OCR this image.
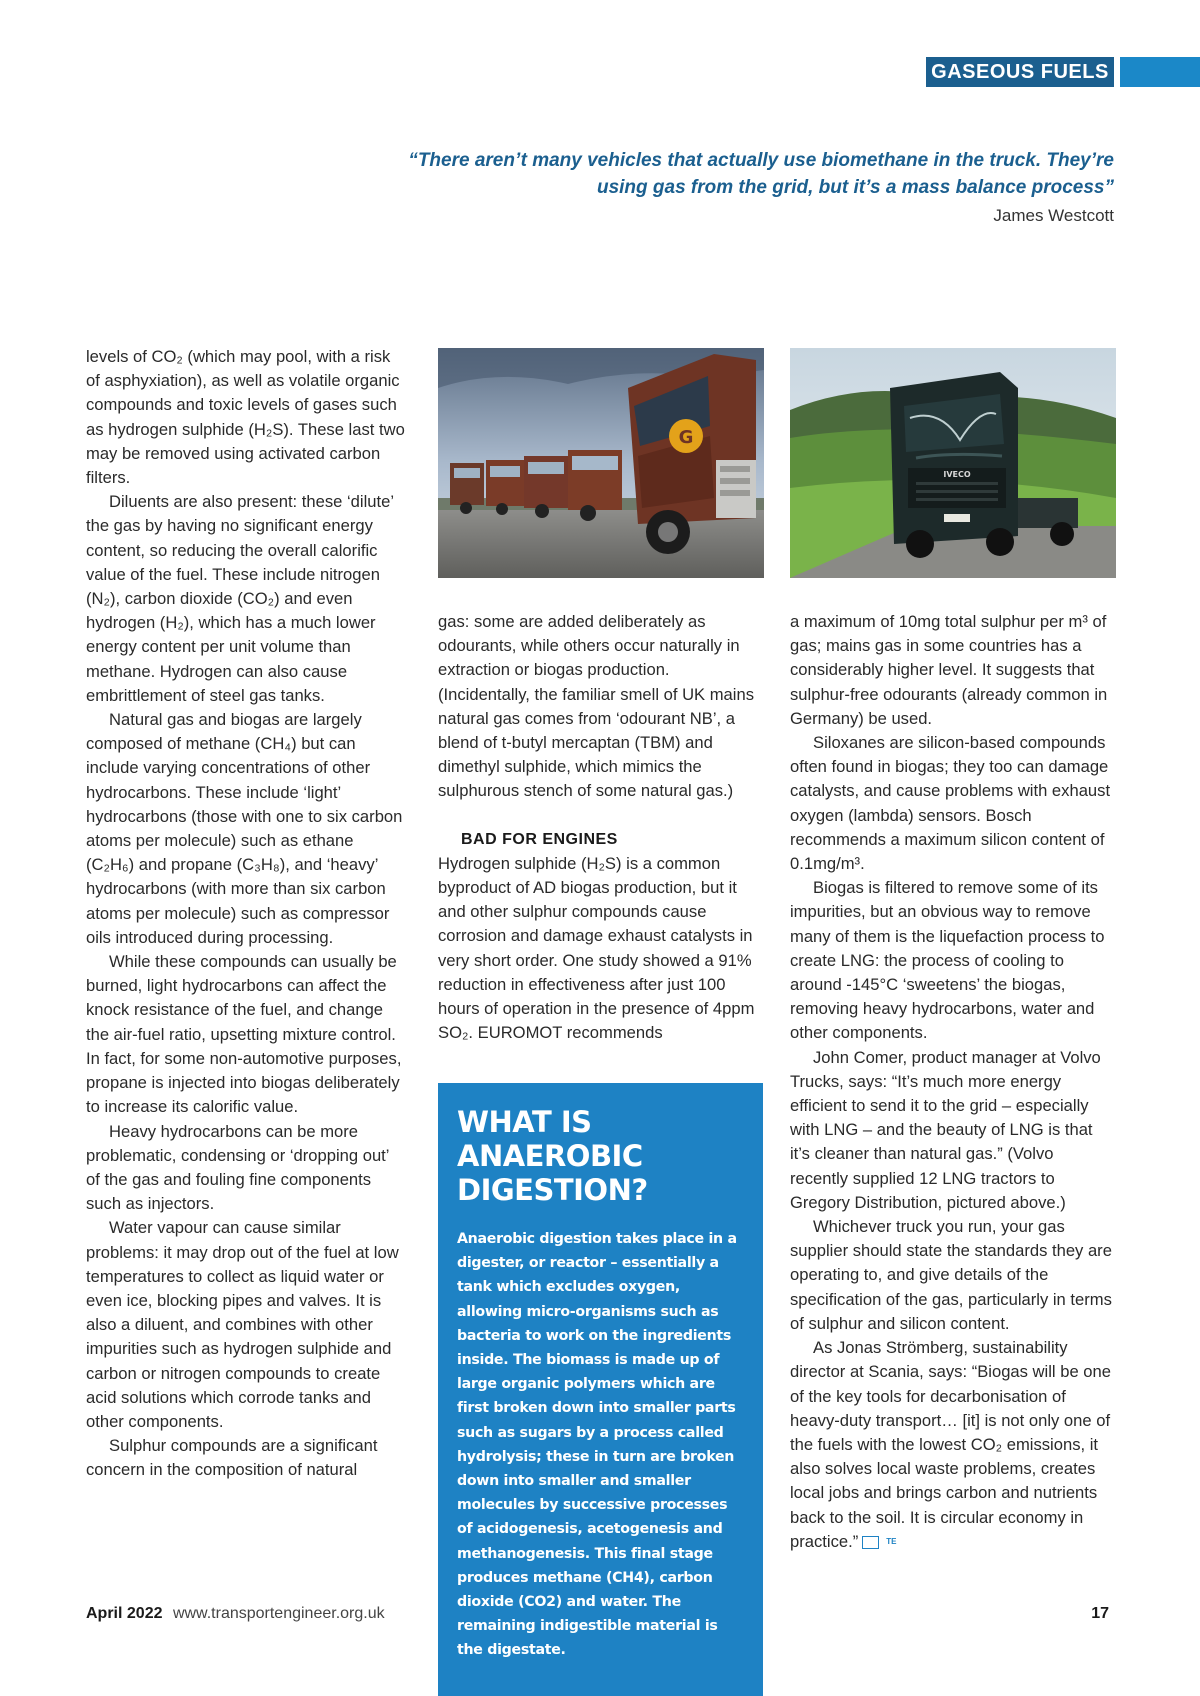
GASEOUS FUELS
“There aren’t many vehicles that actually use biomethane in the truck. They’re using gas from the grid, but it’s a mass balance process”
James Westcott

levels of CO₂ (which may pool, with a risk of asphyxiation), as well as volatile organic compounds and toxic levels of gases such as hydrogen sulphide (H₂S). These last two may be removed using activated carbon filters.

Diluents are also present: these ‘dilute’ the gas by having no significant energy content, so reducing the overall calorific value of the fuel. These include nitrogen (N₂), carbon dioxide (CO₂) and even hydrogen (H₂), which has a much lower energy content per unit volume than methane. Hydrogen can also cause embrittlement of steel gas tanks.

Natural gas and biogas are largely composed of methane (CH₄) but can include varying concentrations of other hydrocarbons. These include ‘light’ hydrocarbons (those with one to six carbon atoms per molecule) such as ethane (C₂H₆) and propane (C₃H₈), and ‘heavy’ hydrocarbons (with more than six carbon atoms per molecule) such as compressor oils introduced during processing.

While these compounds can usually be burned, light hydrocarbons can affect the knock resistance of the fuel, and change the air-fuel ratio, upsetting mixture control. In fact, for some non-automotive purposes, propane is injected into biogas deliberately to increase its calorific value.

Heavy hydrocarbons can be more problematic, condensing or ‘dropping out’ of the gas and fouling fine components such as injectors.

Water vapour can cause similar problems: it may drop out of the fuel at low temperatures to collect as liquid water or even ice, blocking pipes and valves. It is also a diluent, and combines with other impurities such as hydrogen sulphide and carbon or nitrogen compounds to create acid solutions which corrode tanks and other components.

Sulphur compounds are a significant concern in the composition of natural

G
IVECO

gas: some are added deliberately as odourants, while others occur naturally in extraction or biogas production. (Incidentally, the familiar smell of UK mains natural gas comes from ‘odourant NB’, a blend of t-butyl mercaptan (TBM) and dimethyl sulphide, which mimics the sulphurous stench of some natural gas.)

BAD FOR ENGINES

Hydrogen sulphide (H₂S) is a common byproduct of AD biogas production, but it and other sulphur compounds cause corrosion and damage exhaust catalysts in very short order. One study showed a 91% reduction in effectiveness after just 100 hours of operation in the presence of 4ppm SO₂. EUROMOT recommends

WHAT IS ANAEROBIC DIGESTION?
Anaerobic digestion takes place in a digester, or reactor – essentially a tank which excludes oxygen, allowing micro-organisms such as bacteria to work on the ingredients inside. The biomass is made up of large organic polymers which are first broken down into smaller parts such as sugars by a process called hydrolysis; these in turn are broken down into smaller and smaller molecules by successive processes of acidogenesis, acetogenesis and methanogenesis. This final stage produces methane (CH4), carbon dioxide (CO2) and water. The remaining indigestible material is the digestate.

a maximum of 10mg total sulphur per m³ of gas; mains gas in some countries has a considerably higher level. It suggests that sulphur-free odourants (already common in Germany) be used.

Siloxanes are silicon-based compounds often found in biogas; they too can damage catalysts, and cause problems with exhaust oxygen (lambda) sensors. Bosch recommends a maximum silicon content of 0.1mg/m³.

Biogas is filtered to remove some of its impurities, but an obvious way to remove many of them is the liquefaction process to create LNG: the process of cooling to around -145°C ‘sweetens’ the biogas, removing heavy hydrocarbons, water and other components.

John Comer, product manager at Volvo Trucks, says: “It’s much more energy efficient to send it to the grid – especially with LNG – and the beauty of LNG is that it’s cleaner than natural gas.” (Volvo recently supplied 12 LNG tractors to Gregory Distribution, pictured above.)

Whichever truck you run, your gas supplier should state the standards they are operating to, and give details of the specification of the gas, particularly in terms of sulphur and silicon content.

As Jonas Strömberg, sustainability director at Scania, says: “Biogas will be one of the key tools for decarbonisation of heavy-duty transport… [it] is not only one of the fuels with the lowest CO₂ emissions, it also solves local waste problems, creates local jobs and brings carbon and nutrients back to the soil. It is circular economy in practice.”	TE

April 2022 www.transportengineer.org.uk	17
